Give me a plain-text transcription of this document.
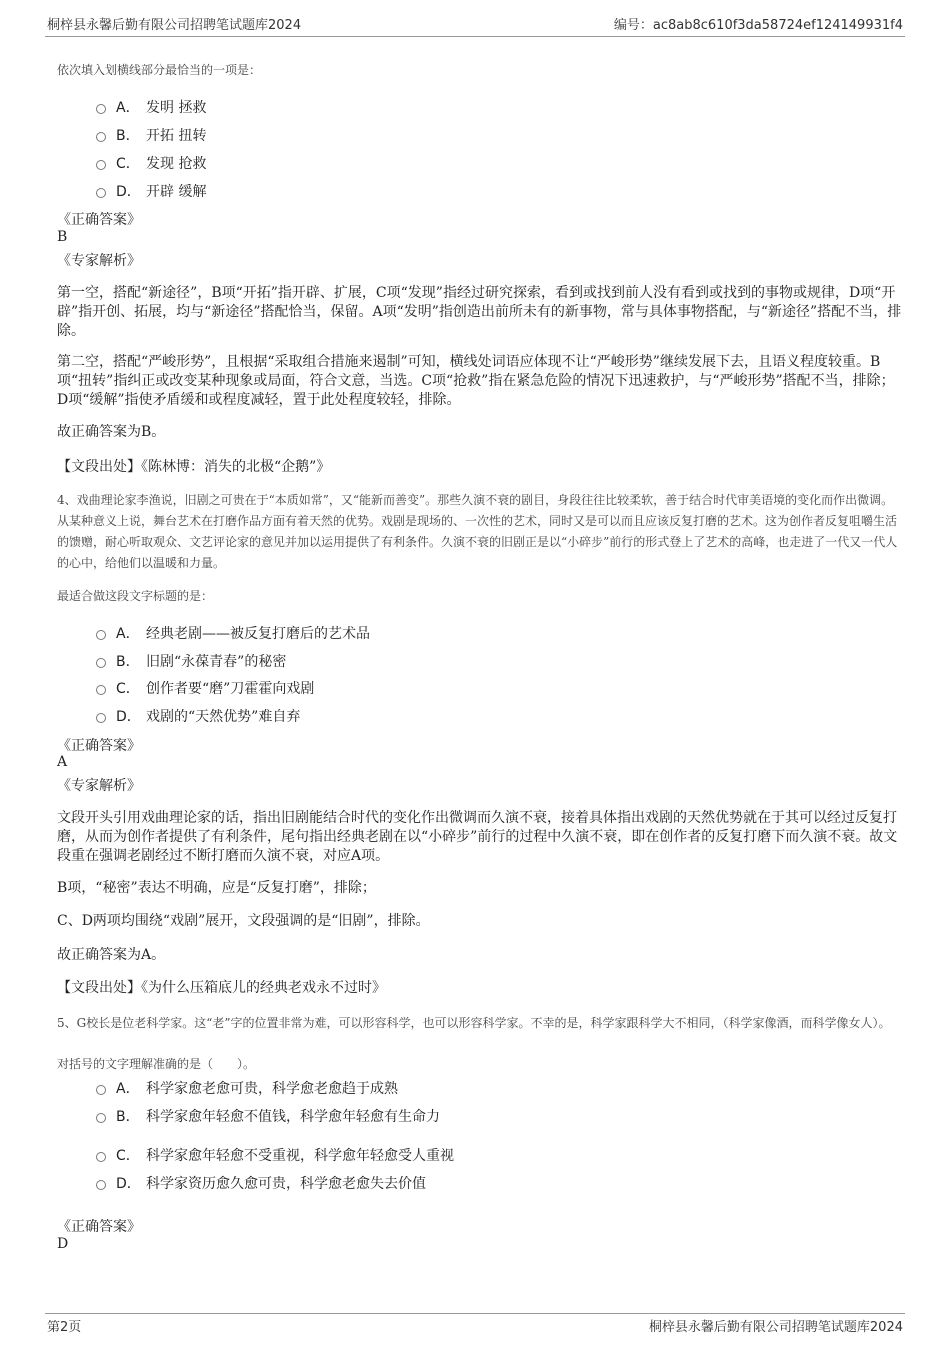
桐梓县永馨后勤有限公司招聘笔试题库2024	编号：ac8ab8c610f3da58724ef124149931f4
依次填入划横线部分最恰当的一项是：
A． 发明 拯救
B． 开拓 扭转
C． 发现 抢救
D． 开辟 缓解
《正确答案》
B
《专家解析》
第一空，搭配“新途径”，B项“开拓”指开辟、扩展，C项“发现”指经过研究探索，看到或找到前人没有看到或找到的事物或规律，D项“开辟”指开创、拓展，均与“新途径”搭配恰当，保留。A项“发明”指创造出前所未有的新事物，常与具体事物搭配，与“新途径”搭配不当，排除。
第二空，搭配“严峻形势”，且根据“采取组合措施来遏制”可知，横线处词语应体现不让“严峻形势”继续发展下去，且语义程度较重。B项“扭转”指纠正或改变某种现象或局面，符合文意，当选。C项“抢救”指在紧急危险的情况下迅速救护，与“严峻形势”搭配不当，排除；D项“缓解”指使矛盾缓和或程度减轻，置于此处程度较轻，排除。
故正确答案为B。
【文段出处】《陈林博：消失的北极“企鹅”》
4、戏曲理论家李渔说，旧剧之可贵在于“本质如常”，又“能新而善变”。那些久演不衰的剧目，身段往往比较柔软，善于结合时代审美语境的变化而作出微调。从某种意义上说，舞台艺术在打磨作品方面有着天然的优势。戏剧是现场的、一次性的艺术，同时又是可以而且应该反复打磨的艺术。这为创作者反复咀嚼生活的馈赠，耐心听取观众、文艺评论家的意见并加以运用提供了有利条件。久演不衰的旧剧正是以“小碎步”前行的形式登上了艺术的高峰，也走进了一代又一代人的心中，给他们以温暖和力量。
最适合做这段文字标题的是：
A． 经典老剧——被反复打磨后的艺术品
B． 旧剧“永葆青春”的秘密
C． 创作者要“磨”刀霍霍向戏剧
D． 戏剧的“天然优势”难自弃
《正确答案》
A
《专家解析》
文段开头引用戏曲理论家的话，指出旧剧能结合时代的变化作出微调而久演不衰，接着具体指出戏剧的天然优势就在于其可以经过反复打磨，从而为创作者提供了有利条件，尾句指出经典老剧在以“小碎步”前行的过程中久演不衰，即在创作者的反复打磨下而久演不衰。故文段重在强调老剧经过不断打磨而久演不衰，对应A项。
B项，“秘密”表达不明确，应是“反复打磨”，排除；
C、D两项均围绕“戏剧”展开，文段强调的是“旧剧”，排除。
故正确答案为A。
【文段出处】《为什么压箱底儿的经典老戏永不过时》
5、G校长是位老科学家。这“老”字的位置非常为难，可以形容科学，也可以形容科学家。不幸的是，科学家跟科学大不相同，（科学家像酒，而科学像女人）。
对括号的文字理解准确的是（　　）。
A． 科学家愈老愈可贵，科学愈老愈趋于成熟
B． 科学家愈年轻愈不值钱，科学愈年轻愈有生命力
C． 科学家愈年轻愈不受重视，科学愈年轻愈受人重视
D． 科学家资历愈久愈可贵，科学愈老愈失去价值
《正确答案》
D
第2页	桐梓县永馨后勤有限公司招聘笔试题库2024
